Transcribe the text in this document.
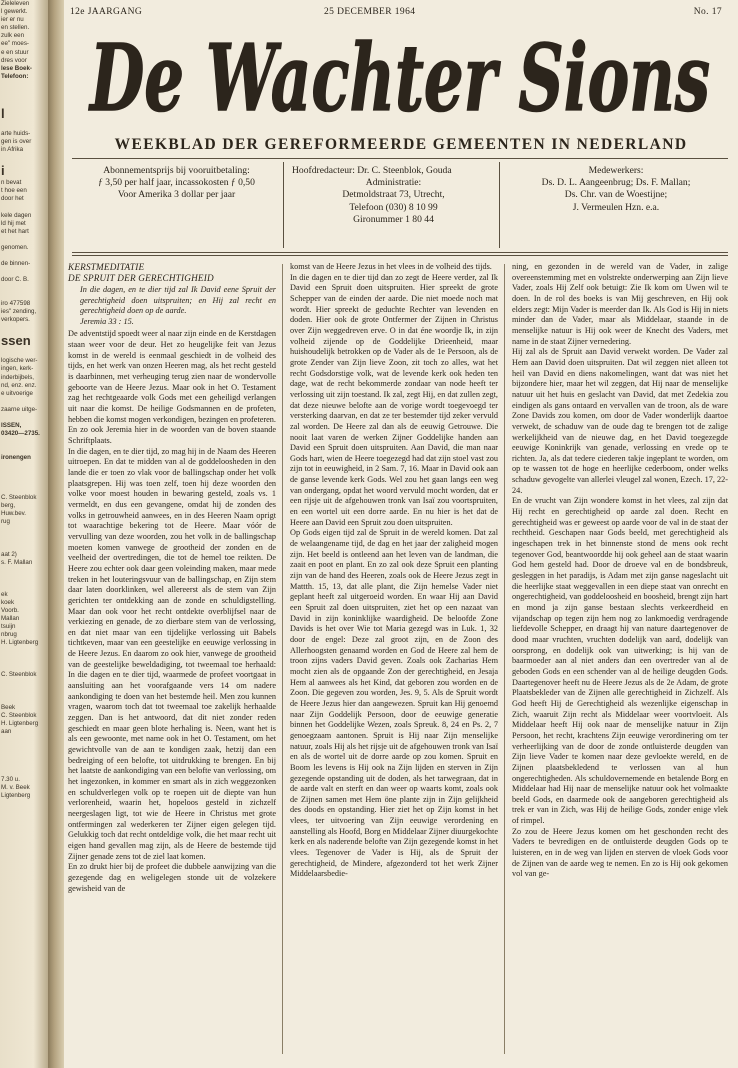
Zieleleven
l gewerkt.
ier er nu
en stellen.
zulk een
ee" moes-
e en stuur
dres voor
lese Boek-
Telefoon:
l
arte huids-
gen is over
in Afrika
i
n bevat
t hoe een
door het
kele dagen
ld hij met
et het hart
genomen.
de binnen-
door C. B.
iro 477598
ies" zending,
verkopers.
ssen
logische wer-
ingen, kerk-
inderbijbels,
nd, enz. enz.
e uitvoerige
zaarne uitge-
ISSEN,
03420—2735.
ironengen
C. Steenblok
berg,
Huw.bev.
rug
aat 2)
s. F. Mallan
ek
koek
Voorb.
Mallan
tsuijn
nbrug
H. Ligtenberg
C. Steenblok
Beek
C. Steenblok
H. Ligtenberg
aan
7.30 u.
M. v. Beek
Ligtenberg
12e JAARGANG	25 DECEMBER 1964	No. 17
De Wachter Sions
WEEKBLAD DER GEREFORMEERDE GEMEENTEN IN NEDERLAND
Abonnementsprijs bij vooruitbetaling:
ƒ 3,50 per half jaar, incassokosten ƒ 0,50
Voor Amerika 3 dollar per jaar
Hoofdredacteur: Dr. C. Steenblok, Gouda
Administratie:
Detmoldstraat 73, Utrecht,
Telefoon (030) 8 10 99
Gironummer 1 80 44
Medewerkers:
Ds. D. L. Aangeenbrug; Ds. F. Mallan;
Ds. Chr. van de Woestijne;
J. Vermeulen Hzn. e.a.
KERSTMEDITATIE
DE SPRUIT DER GERECHTIGHEID
In die dagen, en te dier tijd zal Ik David eene Spruit der gerechtigheid doen uitspruiten; en Hij zal recht en gerechtigheid doen op de aarde.
Jeremia 33 : 15.

De adventstijd spoedt weer al naar zijn einde en de Kerstdagen staan weer voor de deur. Het zo heugelijke feit van Jezus komst in de wereld is eenmaal geschiedt in de volheid des tijds, en het werk van onzen Heeren mag, als het recht gesteld is daarbinnen, met verheuging terug zien naar de wondervolle geboorte van de Heere Jezus. Maar ook in het O. Testament zag het rechtgeaarde volk Gods met een geheiligd verlangen uit naar die komst. De heilige Godsmannen en de profeten, hebben die komst mogen verkondigen, bezingen en profeteren. En zo ook Jeremia hier in de woorden van de boven staande Schriftplaats.

In die dagen, en te dier tijd, zo mag hij in de Naam des Heeren uitroepen. En dat te midden van al de goddeloosheden in den lande die er toen zo vlak voor de ballingschap onder het volk plaatsgrepen. Hij was toen zelf, toen hij deze woorden den volke voor moest houden in bewaring gesteld, zoals vs. 1 vermeldt, en dus een gevangene, omdat hij de zonden des volks in getrouwheid aanwees, en in des Heeren Naam oprigt tot waarachtige bekering tot de Heere. Maar vóór de vervulling van deze woorden, zou het volk in de ballingschap moeten komen vanwege de grootheid der zonden en de veelheid der overtredingen, die tot de hemel toe reikten. De Heere zou echter ook daar geen voleinding maken, maar mede treken in het louteringsvuur van de ballingschap, en Zijn stem daar laten doorklinken, wel allereerst als de stem van Zijn gerichten ter ontdekking aan de zonde en schuldigstelling. Maar dan ook voor het recht ontdekte overblijfsel naar de verkiezing en genade, de zo dierbare stem van de verlossing, en dat niet maar van een tijdelijke verlossing uit Babels tichtkeven, maar van een geestelijke en eeuwige verlossing in de Heere Jezus. En daarom zo ook hier, vanwege de grootheid van de geestelijke beweldadiging, tot tweemaal toe herhaald: In die dagen en te dier tijd, waarmede de profeet voortgaat in aansluiting aan het voorafgaande vers 14 om nadere aankondiging te doen van het bestemde heil. Men zou kunnen vragen, waarom toch dat tot tweemaal toe zakelijk herhaalde zeggen. Dan is het antwoord, dat dit niet zonder reden geschiedt en maar geen blote herhaling is. Neen, want het is als een gewoonte, met name ook in het O. Testament, om het gewichtvolle van de aan te kondigen zaak, hetzij dan een bedreiging of een belofte, tot uitdrukking te brengen. En bij het laatste de aankondiging van een belofte van verlossing, om het ingezonken, in kommer en smart als in zich weggezonken en schuldverlegen volk op te roepen uit de diepte van hun verlorenheid, waarin het, hopeloos gesteld in zichzelf neergeslagen ligt, tot wie de Heere in Christus met grote ontfermingen zal wederkeren ter Zijner eigen gelegen tijd. Gelukkig toch dat recht ontdeldige volk, die het maar recht uit eigen hand gevallen mag zijn, als de Heere de bestemde tijd Zijner genade zens tot de ziel laat komen.

En zo drukt hier bij de profeet die dubbele aanwijzing van die gezegende dag en weligelegen stonde uit de volzekere gewisheid van de

komst van de Heere Jezus in het vlees in de volheid des tijds.

In die dagen en te dier tijd dan zo zegt de Heere verder, zal Ik David een Spruit doen uitspruiten. Hier spreekt de grote Schepper van de einden der aarde. Die niet moede noch mat wordt. Hier spreekt de geduchte Rechter van levenden en doden. Hier ook de grote Ontfermer der Zijnen in Christus over Zijn weggedreven erve. O in dat éne woordje Ik, in zijn volheid zijende op de Goddelijke Drieenheid, maar huishoudelijk betrokken op de Vader als de 1e Persoon, als de grote Zender van Zijn lieve Zoon, zit toch zo alles, wat het recht Godsdorstige volk, wat de levende kerk ook heden ten dage, wat de recht bekommerde zondaar van node heeft ter verlossing uit zijn toestand. Ik zal, zegt Hij, en dat zullen zegt, dat deze nieuwe belofte aan de vorige wordt toegevoegd ter versterking daarvan, en dat ze ter bestemder tijd zeker vervuld zal worden. De Heere zal dan als de eeuwig Getrouwe. Die nooit laat varen de werken Zijner Goddelijke handen aan David een Spruit doen uitspruiten. Aan David, die man naar Gods hart, wien de Heere toegezegd had dat zijn stoel vast zou zijn tot in eeuwigheid, in 2 Sam. 7, 16. Maar in David ook aan de ganse levende kerk Gods. Wel zou het gaan langs een weg van ondergang, opdat het woord vervuld mocht worden, dat er een rijsje uit de afgehouwen tronk van Isaï zou voortspruiten, en een wortel uit een dorre aarde. En nu hier is het dat de Heere aan David een Spruit zou doen uitspruiten.

Op Gods eigen tijd zal de Spruit in de wereld komen. Dat zal de welaangename tijd, de dag en het jaar der zaligheid mogen zijn. Het beeld is ontleend aan het leven van de landman, die zaait en poot en plant. En zo zal ook deze Spruit een planting zijn van de hand des Heeren, zoals ook de Heere Jezus zegt in Mattth. 15, 13, dat alle plant, die Zijn hemelse Vader niet geplant heeft zal uitgeroeid worden. En waar Hij aan David een Spruit zal doen uitspruiten, ziet het op een nazaat van David in zijn koninklijke waardigheid. De beloofde Zone Davids is het over Wie tot Maria gezegd was in Luk. 1, 32 door de engel: Deze zal groot zijn, en de Zoon des Allerhoogsten genaamd worden en God de Heere zal hem de troon zijns vaders David geven. Zoals ook Zacharias Hem mocht zien als de opgaande Zon der gerechtigheid, en Jesaja Hem al aanwees als het Kind, dat geboren zou worden en de Zoon. Die gegeven zou worden, Jes. 9, 5. Als de Spruit wordt de Heere Jezus hier dan aangewezen. Spruit kan Hij genoemd naar Zijn Goddelijk Persoon, door de eeuwige generatie binnen het Goddelijke Wezen, zoals Spreuk. 8, 24 en Ps. 2, 7 genoegzaam aantonen. Spruit is Hij naar Zijn menselijke natuur, zoals Hij als het rijsje uit de afgehouwen tronk van Isaï en als de wortel uit de dorre aarde op zou komen. Spruit en Boom les levens is Hij ook na Zijn lijden en sterven in Zijn gezegende opstanding uit de doden, als het tarwegraan, dat in de aarde valt en sterft en dan weer op waarts komt, zoals ook de Zijnen samen met Hem öne plante zijn in Zijn gelijkheid des doods en opstanding. Hier ziet het op Zijn komst in het vlees, ter uitvoering van Zijn eeuwige verordening en aanstelling als Hoofd, Borg en Middelaar Zijner diuurgekochte kerk en als naderende belofte van Zijn gezegende komst in het vlees. Tegenover de Vader is Hij, als de Spruit der gerechtigheid, de Mindere, afgezonderd tot het werk Zijner Middelaarsbedie-

ning, en gezonden in de wereld van de Vader, in zalige overeenstemming met en volstrekte onderwerping aan Zijn lieve Vader, zoals Hij Zelf ook betuigt: Zie Ik kom om Uwen wil te doen. In de rol des boeks is van Mij geschreven, en Hij ook elders zegt: Mijn Vader is meerder dan Ik. Als God is Hij in niets minder dan de Vader, maar als Middelaar, staande in de menselijke natuur is Hij ook weer de Knecht des Vaders, met name in de staat Zijner vernedering.

Hij zal als de Spruit aan David verwekt worden. De Vader zal Hem aan David doen uitspruiten. Dat wil zeggen niet alleen tot heil van David en diens nakomelingen, want dat was niet het bijzondere hier, maar het wil zeggen, dat Hij naar de menselijke natuur uit het huis en geslacht van David, dat met Zedekia zou eindigen als gans ontaard en vervallen van de troon, als de ware Zone Davids zou komen, om door de Vader wonderlijk daartoe verwekt, de schaduw van de oude dag te brengen tot de zalige werkelijkheid van de nieuwe dag, en het David toegezegde eeuwige Koninkrijk van genade, verlossing en vrede op te richten. Ja, als dat tedere ciederen takje ingeplant te worden, om op te wassen tot de hoge en heerlijke cederboom, onder welks schaduw gevogelte van allerlei vleugel zal wonen, Ezech. 17, 22-24.

En de vrucht van Zijn wondere komst in het vlees, zal zijn dat Hij recht en gerechtigheid op aarde zal doen. Recht en gerechtigheid was er geweest op aarde voor de val in de staat der rechtheid. Geschapen naar Gods beeld, met gerechtigheid als ingeschapen trek in het binnenste stond de mens ook recht tegenover God, beantwoordde hij ook geheel aan de staat waarin God hem gesteld had. Door de droeve val en de bondsbreuk, gesleggen in het paradijs, is Adam met zijn ganse nageslacht uit die heerlijke staat weggevallen in een diepe staat van onrecht en ongerechtigheid, van goddeloosheid en boosheid, brengt zijn hart en mond ja zijn ganse bestaan slechts verkeerdheid en vijandschap op tegen zijn hem nog zo lankmoedig verdragende liefdevolle Schepper, en draagt hij van nature daartegenover de dood maar vruchten, vruchten dodelijk van aard, dodelijk van oorsprong, en dodelijk ook van uitwerking; is hij van de baarmoeder aan al niet anders dan een overtreder van al de geboden Gods en een schender van al de heilige deugden Gods. Daartegenover heeft nu de Heere Jezus als de 2e Adam, de grote Plaatsbekleder van de Zijnen alle gerechtigheid in Zichzelf. Als God heeft Hij de Gerechtigheid als wezenlijke eigenschap in Zich, waaruit Zijn recht als Middelaar weer voortvloeit. Als Middelaar heeft Hij ook naar de menselijke natuur in Zijn Persoon, het recht, krachtens Zijn eeuwige verordinering om ter verheerlijking van de door de zonde ontluisterde deugden van Zijn lieve Vader te komen naar deze gevloekte wereld, en de Zijnen plaatsbekledend te verlossen van al hun ongerechtigheden. Als schuldovernemende en betalende Borg en Middelaar had Hij naar de menselijke natuur ook het volmaakte beeld Gods, en daarmede ook de aangeboren gerechtigheid als trek er van in Zich, was Hij de heilige Gods, zonder enige vlek of rimpel.

Zo zou de Heere Jezus komen om het geschonden recht des Vaders te bevredigen en de ontluisterde deugden Gods op te luisteren, en in de weg van lijden en sterven de vloek Gods voor de Zijnen van de aarde weg te nemen. En zo is Hij ook gekomen vol van ge-
